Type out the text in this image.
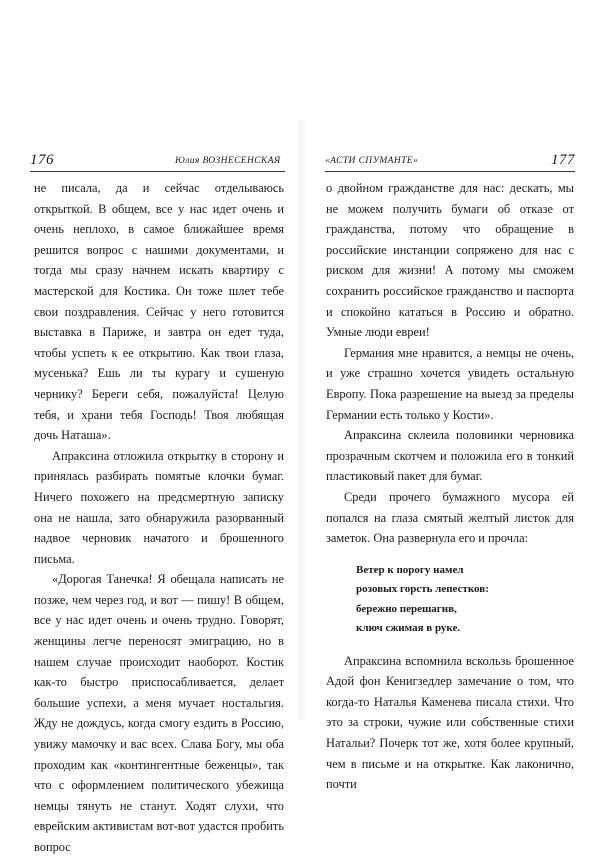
176	Юлия ВОЗНЕСЕНСКАЯ

не писала, да и сейчас отделываюсь открыткой. В общем, все у нас идет очень и очень неплохо, в самое ближайшее время решится вопрос с нашими документами, и тогда мы сразу начнем искать квартиру с мастерской для Костика. Он тоже шлет тебе свои поздравления. Сейчас у него готовится выставка в Париже, и завтра он едет туда, чтобы успеть к ее открытию. Как твои глаза, мусенька? Ешь ли ты курагу и сушеную чернику? Береги себя, пожалуйста! Целую тебя, и храни тебя Господь! Твоя любящая дочь Наташа».

Апраксина отложила открытку в сторону и принялась разбирать помятые клочки бумаг. Ничего похожего на предсмертную записку она не нашла, зато обнаружила разорванный надвое черновик начатого и брошенного письма.

«Дорогая Танечка! Я обещала написать не позже, чем через год, и вот — пишу! В общем, все у нас идет очень и очень трудно. Говорят, женщины легче переносят эмиграцию, но в нашем случае происходит наоборот. Костик как-то быстро приспосабливается, делает большие успехи, а меня мучает ностальгия. Жду не дождусь, когда смогу ездить в Россию, увижу мамочку и вас всех. Слава Богу, мы оба проходим как «контингентные беженцы», так что с оформлением политического убежища немцы тянуть не станут. Ходят слухи, что еврейским активистам вот-вот удастся пробить вопрос

«АСТИ СПУМАНТЕ»	177

о двойном гражданстве для нас: дескать, мы не можем получить бумаги об отказе от гражданства, потому что обращение в российские инстанции сопряжено для нас с риском для жизни! А потому мы сможем сохранить российское гражданство и паспорта и спокойно кататься в Россию и обратно. Умные люди евреи!

Германия мне нравится, а немцы не очень, и уже страшно хочется увидеть остальную Европу. Пока разрешение на выезд за пределы Германии есть только у Кости».

Апраксина склеила половинки черновика прозрачным скотчем и положила его в тонкий пластиковый пакет для бумаг.

Среди прочего бумажного мусора ей попался на глаза смятый желтый листок для заметок. Она развернула его и прочла:

Ветер к порогу намел
розовых горсть лепестков:
бережно перешагнв,
ключ сжимая в руке.

Апраксина вспомнила вскользь брошенное Адой фон Кенигзедлер замечание о том, что когда-то Наталья Каменева писала стихи. Что это за строки, чужие или собственные стихи Натальи? Почерк тот же, хотя более крупный, чем в письме и на открытке. Как лаконично, почти
